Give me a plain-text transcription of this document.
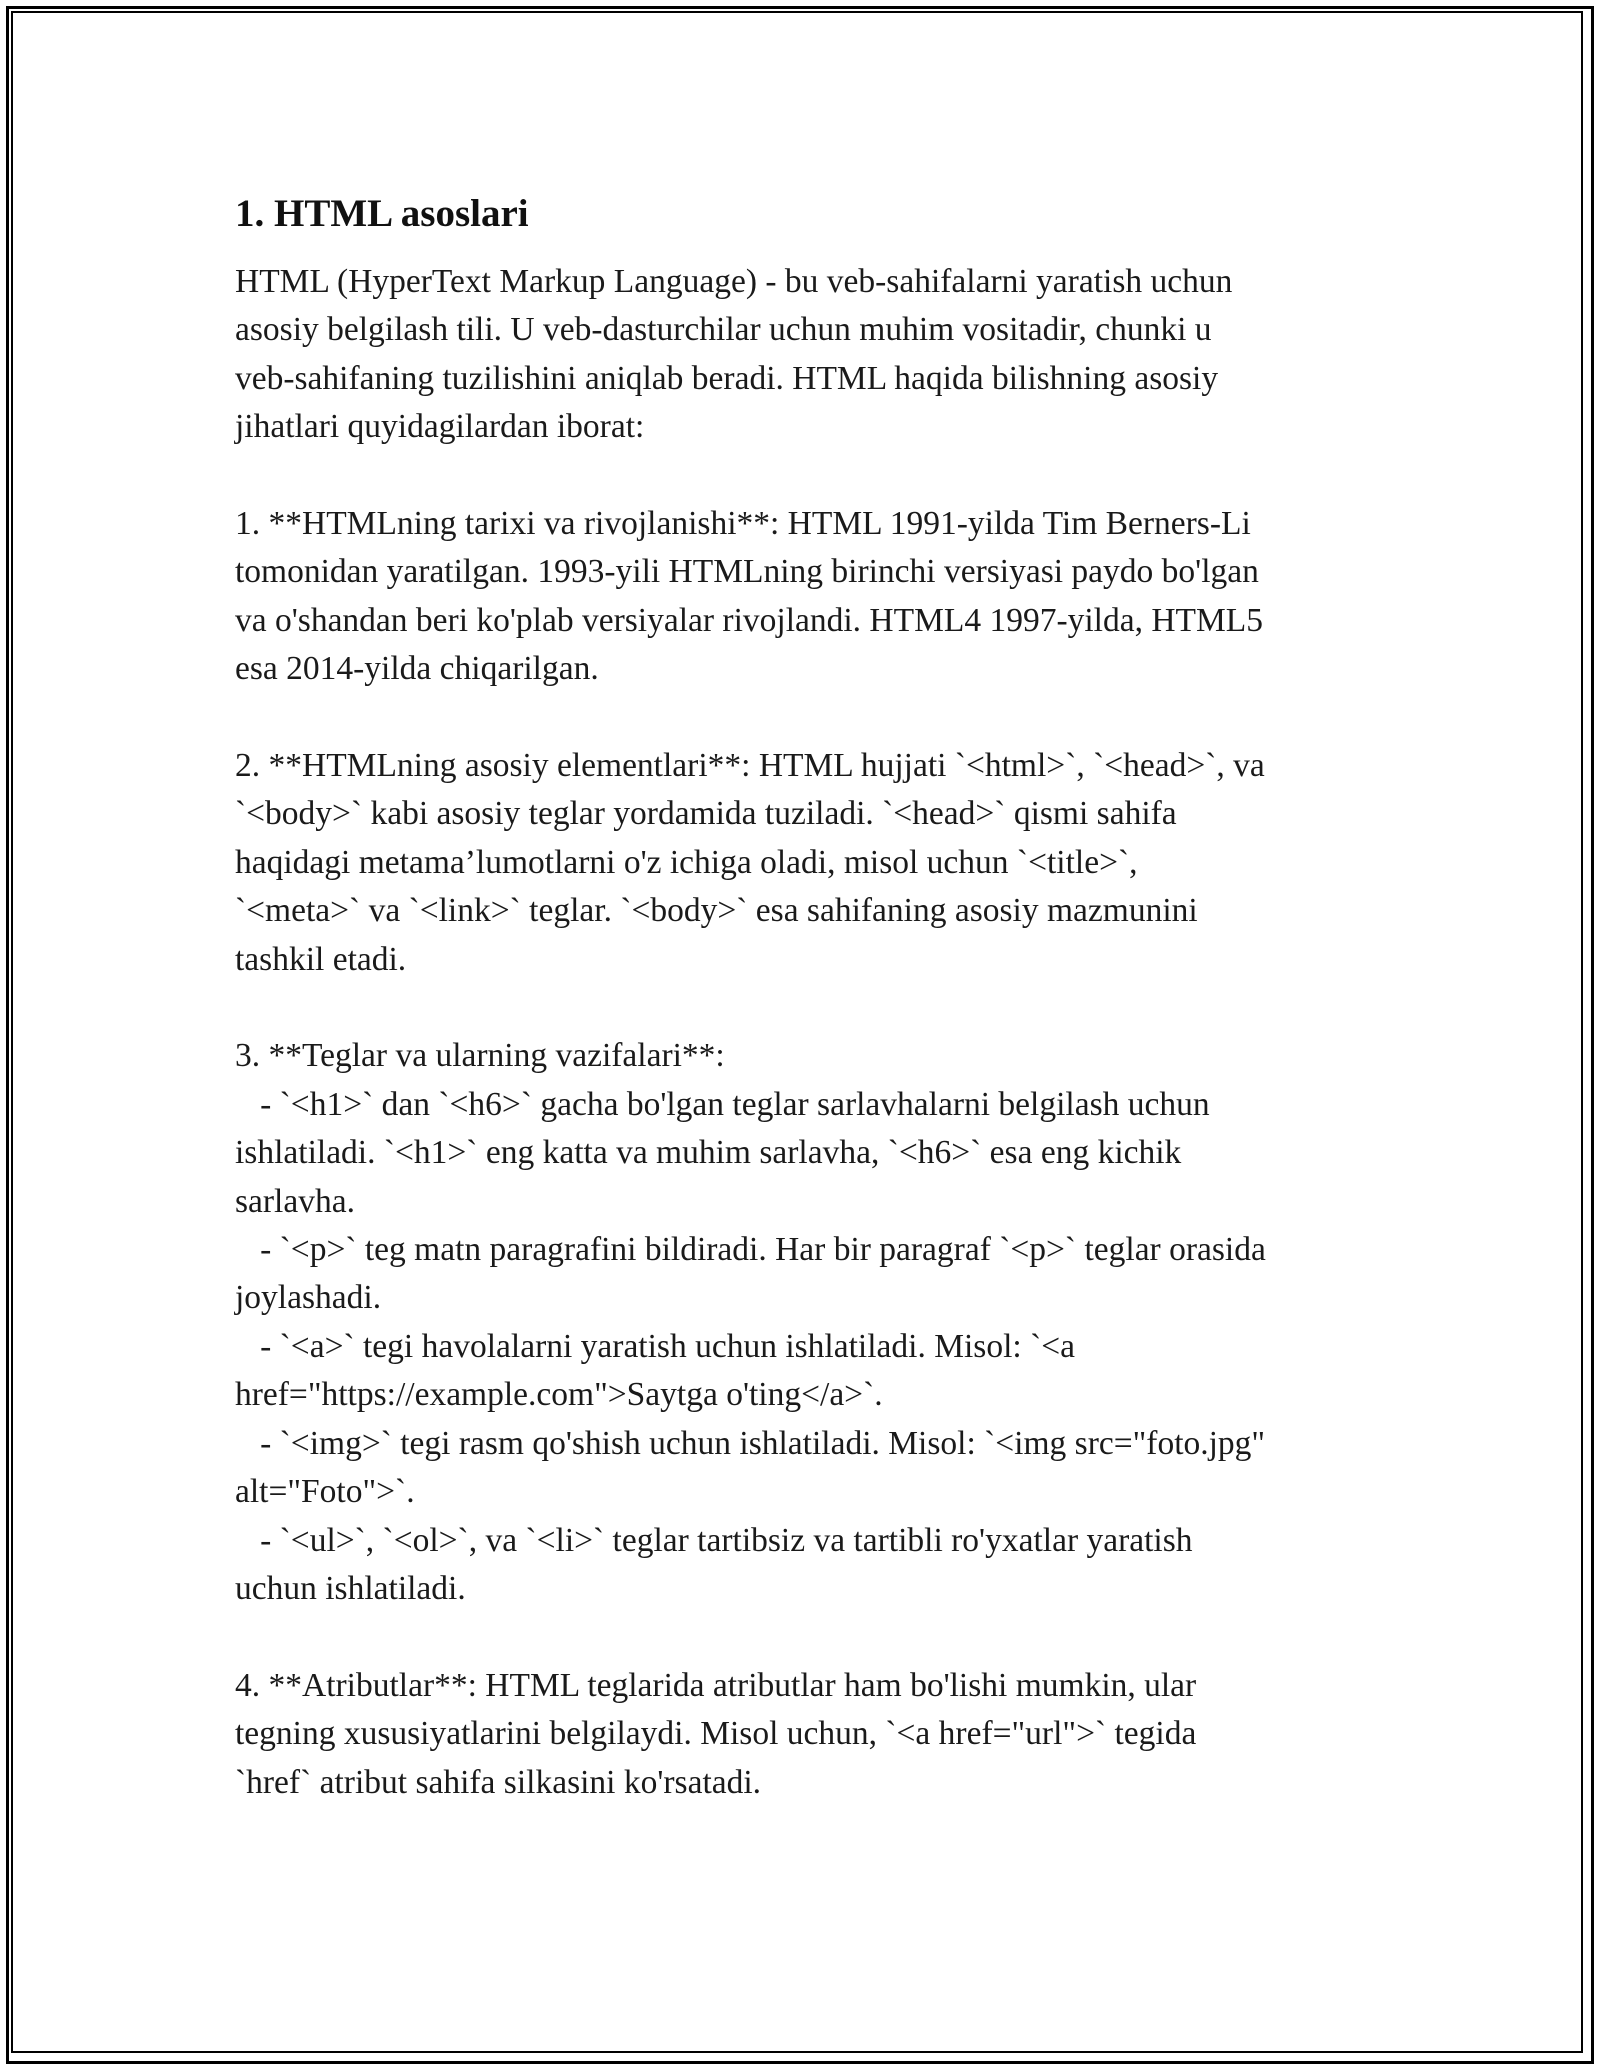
1. HTML asoslari

HTML (HyperText Markup Language) - bu veb-sahifalarni yaratish uchun
asosiy belgilash tili. U veb-dasturchilar uchun muhim vositadir, chunki u
veb-sahifaning tuzilishini aniqlab beradi. HTML haqida bilishning asosiy
jihatlari quyidagilardan iborat:

1. **HTMLning tarixi va rivojlanishi**: HTML 1991-yilda Tim Berners-Li
tomonidan yaratilgan. 1993-yili HTMLning birinchi versiyasi paydo bo'lgan
va o'shandan beri ko'plab versiyalar rivojlandi. HTML4 1997-yilda, HTML5
esa 2014-yilda chiqarilgan.

2. **HTMLning asosiy elementlari**: HTML hujjati `<html>`, `<head>`, va
`<body>` kabi asosiy teglar yordamida tuziladi. `<head>` qismi sahifa
haqidagi metama’lumotlarni o'z ichiga oladi, misol uchun `<title>`,
`<meta>` va `<link>` teglar. `<body>` esa sahifaning asosiy mazmunini
tashkil etadi.

3. **Teglar va ularning vazifalari**:
- `<h1>` dan `<h6>` gacha bo'lgan teglar sarlavhalarni belgilash uchun
ishlatiladi. `<h1>` eng katta va muhim sarlavha, `<h6>` esa eng kichik
sarlavha.
- `<p>` teg matn paragrafini bildiradi. Har bir paragraf `<p>` teglar orasida
joylashadi.
- `<a>` tegi havolalarni yaratish uchun ishlatiladi. Misol: `<a
href="https://example.com">Saytga o'ting</a>`.
- `<img>` tegi rasm qo'shish uchun ishlatiladi. Misol: `<img src="foto.jpg"
alt="Foto">`.
- `<ul>`, `<ol>`, va `<li>` teglar tartibsiz va tartibli ro'yxatlar yaratish
uchun ishlatiladi.

4. **Atributlar**: HTML teglarida atributlar ham bo'lishi mumkin, ular
tegning xususiyatlarini belgilaydi. Misol uchun, `<a href="url">` tegida
`href` atribut sahifa silkasini ko'rsatadi.
